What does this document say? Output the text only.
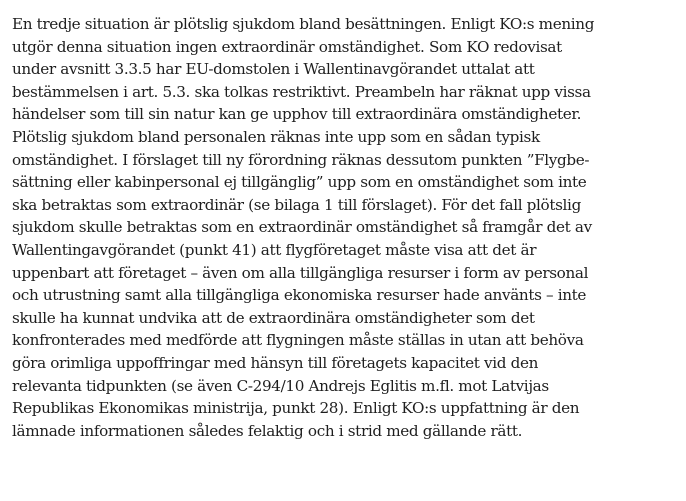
En tredje situation är plötslig sjukdom bland besättningen. Enligt KO:s mening
utgör denna situation ingen extraordinär omständighet. Som KO redovisat
under avsnitt 3.3.5 har EU-domstolen i Wallentinavgörandet uttalat att
bestämmelsen i art. 5.3. ska tolkas restriktivt. Preambeln har räknat upp vissa
händelser som till sin natur kan ge upphov till extraordinära omständigheter.
Plötslig sjukdom bland personalen räknas inte upp som en sådan typisk
omständighet. I förslaget till ny förordning räknas dessutom punkten ”Flygbe-
sättning eller kabinpersonal ej tillgänglig” upp som en omständighet som inte
ska betraktas som extraordinär (se bilaga 1 till förslaget). För det fall plötslig
sjukdom skulle betraktas som en extraordinär omständighet så framgår det av
Wallentingavgörandet (punkt 41) att flygföretaget måste visa att det är
uppenbart att företaget – även om alla tillgängliga resurser i form av personal
och utrustning samt alla tillgängliga ekonomiska resurser hade använts – inte
skulle ha kunnat undvika att de extraordinära omständigheter som det
konfronterades med medförde att flygningen måste ställas in utan att behöva
göra orimliga uppoffringar med hänsyn till företagets kapacitet vid den
relevanta tidpunkten (se även C-294/10 Andrejs Eglitis m.fl. mot Latvijas
Republikas Ekonomikas ministrija, punkt 28). Enligt KO:s uppfattning är den
lämnade informationen således felaktig och i strid med gällande rätt.
